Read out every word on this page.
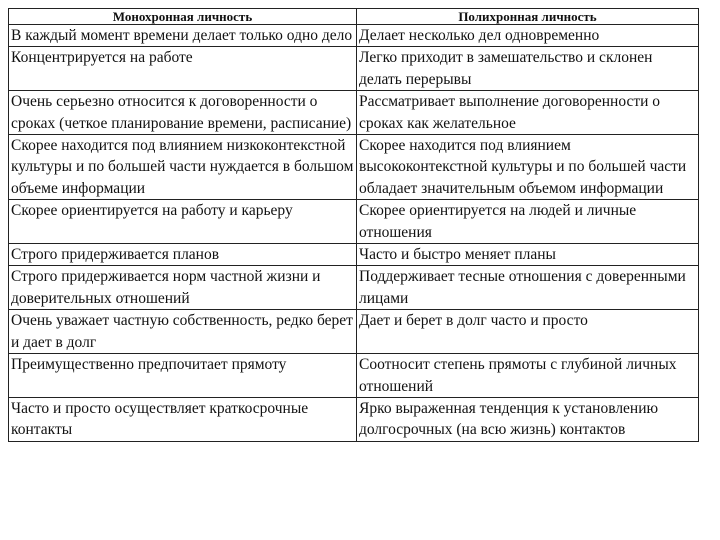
Монохронная личность	Полихронная личность
В каждый момент времени делает только одно дело	Делает несколько дел одновременно
Концентрируется на работе	Легко приходит в замешательство и склонен делать перерывы
Очень серьезно относится к договоренности о сроках (четкое планирование времени, расписание)	Рассматривает выполнение договоренности о сроках как желательное
Скорее находится под влиянием низкоконтекстной культуры и по большей части нуждается в большом объеме информации	Скорее находится под влиянием высококонтекстной культуры и по большей части обладает значительным объемом информации
Скорее ориентируется на работу и карьеру	Скорее ориентируется на людей и личные отношения
Строго придерживается планов	Часто и быстро меняет планы
Строго придерживается норм частной жизни и доверительных отношений	Поддерживает тесные отношения с доверенными лицами
Очень уважает частную собственность, редко берет и дает в долг	Дает и берет в долг часто и просто
Преимущественно предпочитает прямоту	Соотносит степень прямоты с глубиной личных отношений
Часто и просто осуществляет краткосрочные контакты	Ярко выраженная тенденция к установлению долгосрочных (на всю жизнь) контактов
